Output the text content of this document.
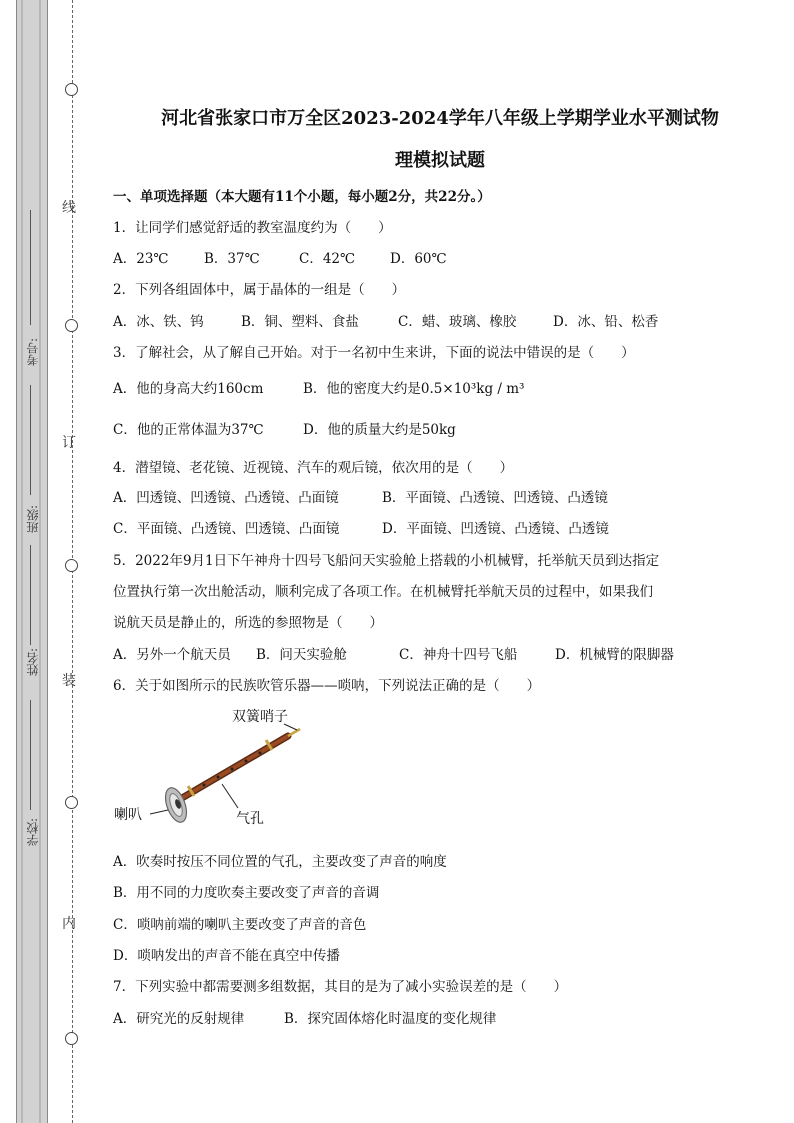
线
订
装
内
考号:
班级:
姓名:
学校:
河北省张家口市万全区2023-2024学年八年级上学期学业水平测试物
理模拟试题
一、单项选择题（本大题有11个小题，每小题2分，共22分。）
1．让同学们感觉舒适的教室温度约为（　　）
A．23℃	B．37℃	C．42℃	D．60℃
2．下列各组固体中，属于晶体的一组是（　　）
A．冰、铁、钨	B．铜、塑料、食盐	C．蜡、玻璃、橡胶	D．冰、铅、松香
3．了解社会，从了解自己开始。对于一名初中生来讲，下面的说法中错误的是（　　）
A．他的身高大约160cm	B．他的密度大约是0.5×10³kg / m³
C．他的正常体温为37℃	D．他的质量大约是50kg
4．潜望镜、老花镜、近视镜、汽车的观后镜，依次用的是（　　）
A．凹透镜、凹透镜、凸透镜、凸面镜	B．平面镜、凸透镜、凹透镜、凸透镜
C．平面镜、凸透镜、凹透镜、凸面镜	D．平面镜、凹透镜、凸透镜、凸透镜
5．2022年9月1日下午神舟十四号飞船问天实验舱上搭载的小机械臂，托举航天员到达指定
位置执行第一次出舱活动，顺利完成了各项工作。在机械臂托举航天员的过程中，如果我们
说航天员是静止的，所选的参照物是（　　）
A．另外一个航天员 B．问天实验舱	C．神舟十四号飞船	D．机械臂的限脚器
6．关于如图所示的民族吹管乐器——唢呐，下列说法正确的是（　　）
双簧哨子
喇叭	气孔
A．吹奏时按压不同位置的气孔，主要改变了声音的响度
B．用不同的力度吹奏主要改变了声音的音调
C．唢呐前端的喇叭主要改变了声音的音色
D．唢呐发出的声音不能在真空中传播
7．下列实验中都需要测多组数据，其目的是为了减小实验误差的是（　　）
A．研究光的反射规律	B．探究固体熔化时温度的变化规律
